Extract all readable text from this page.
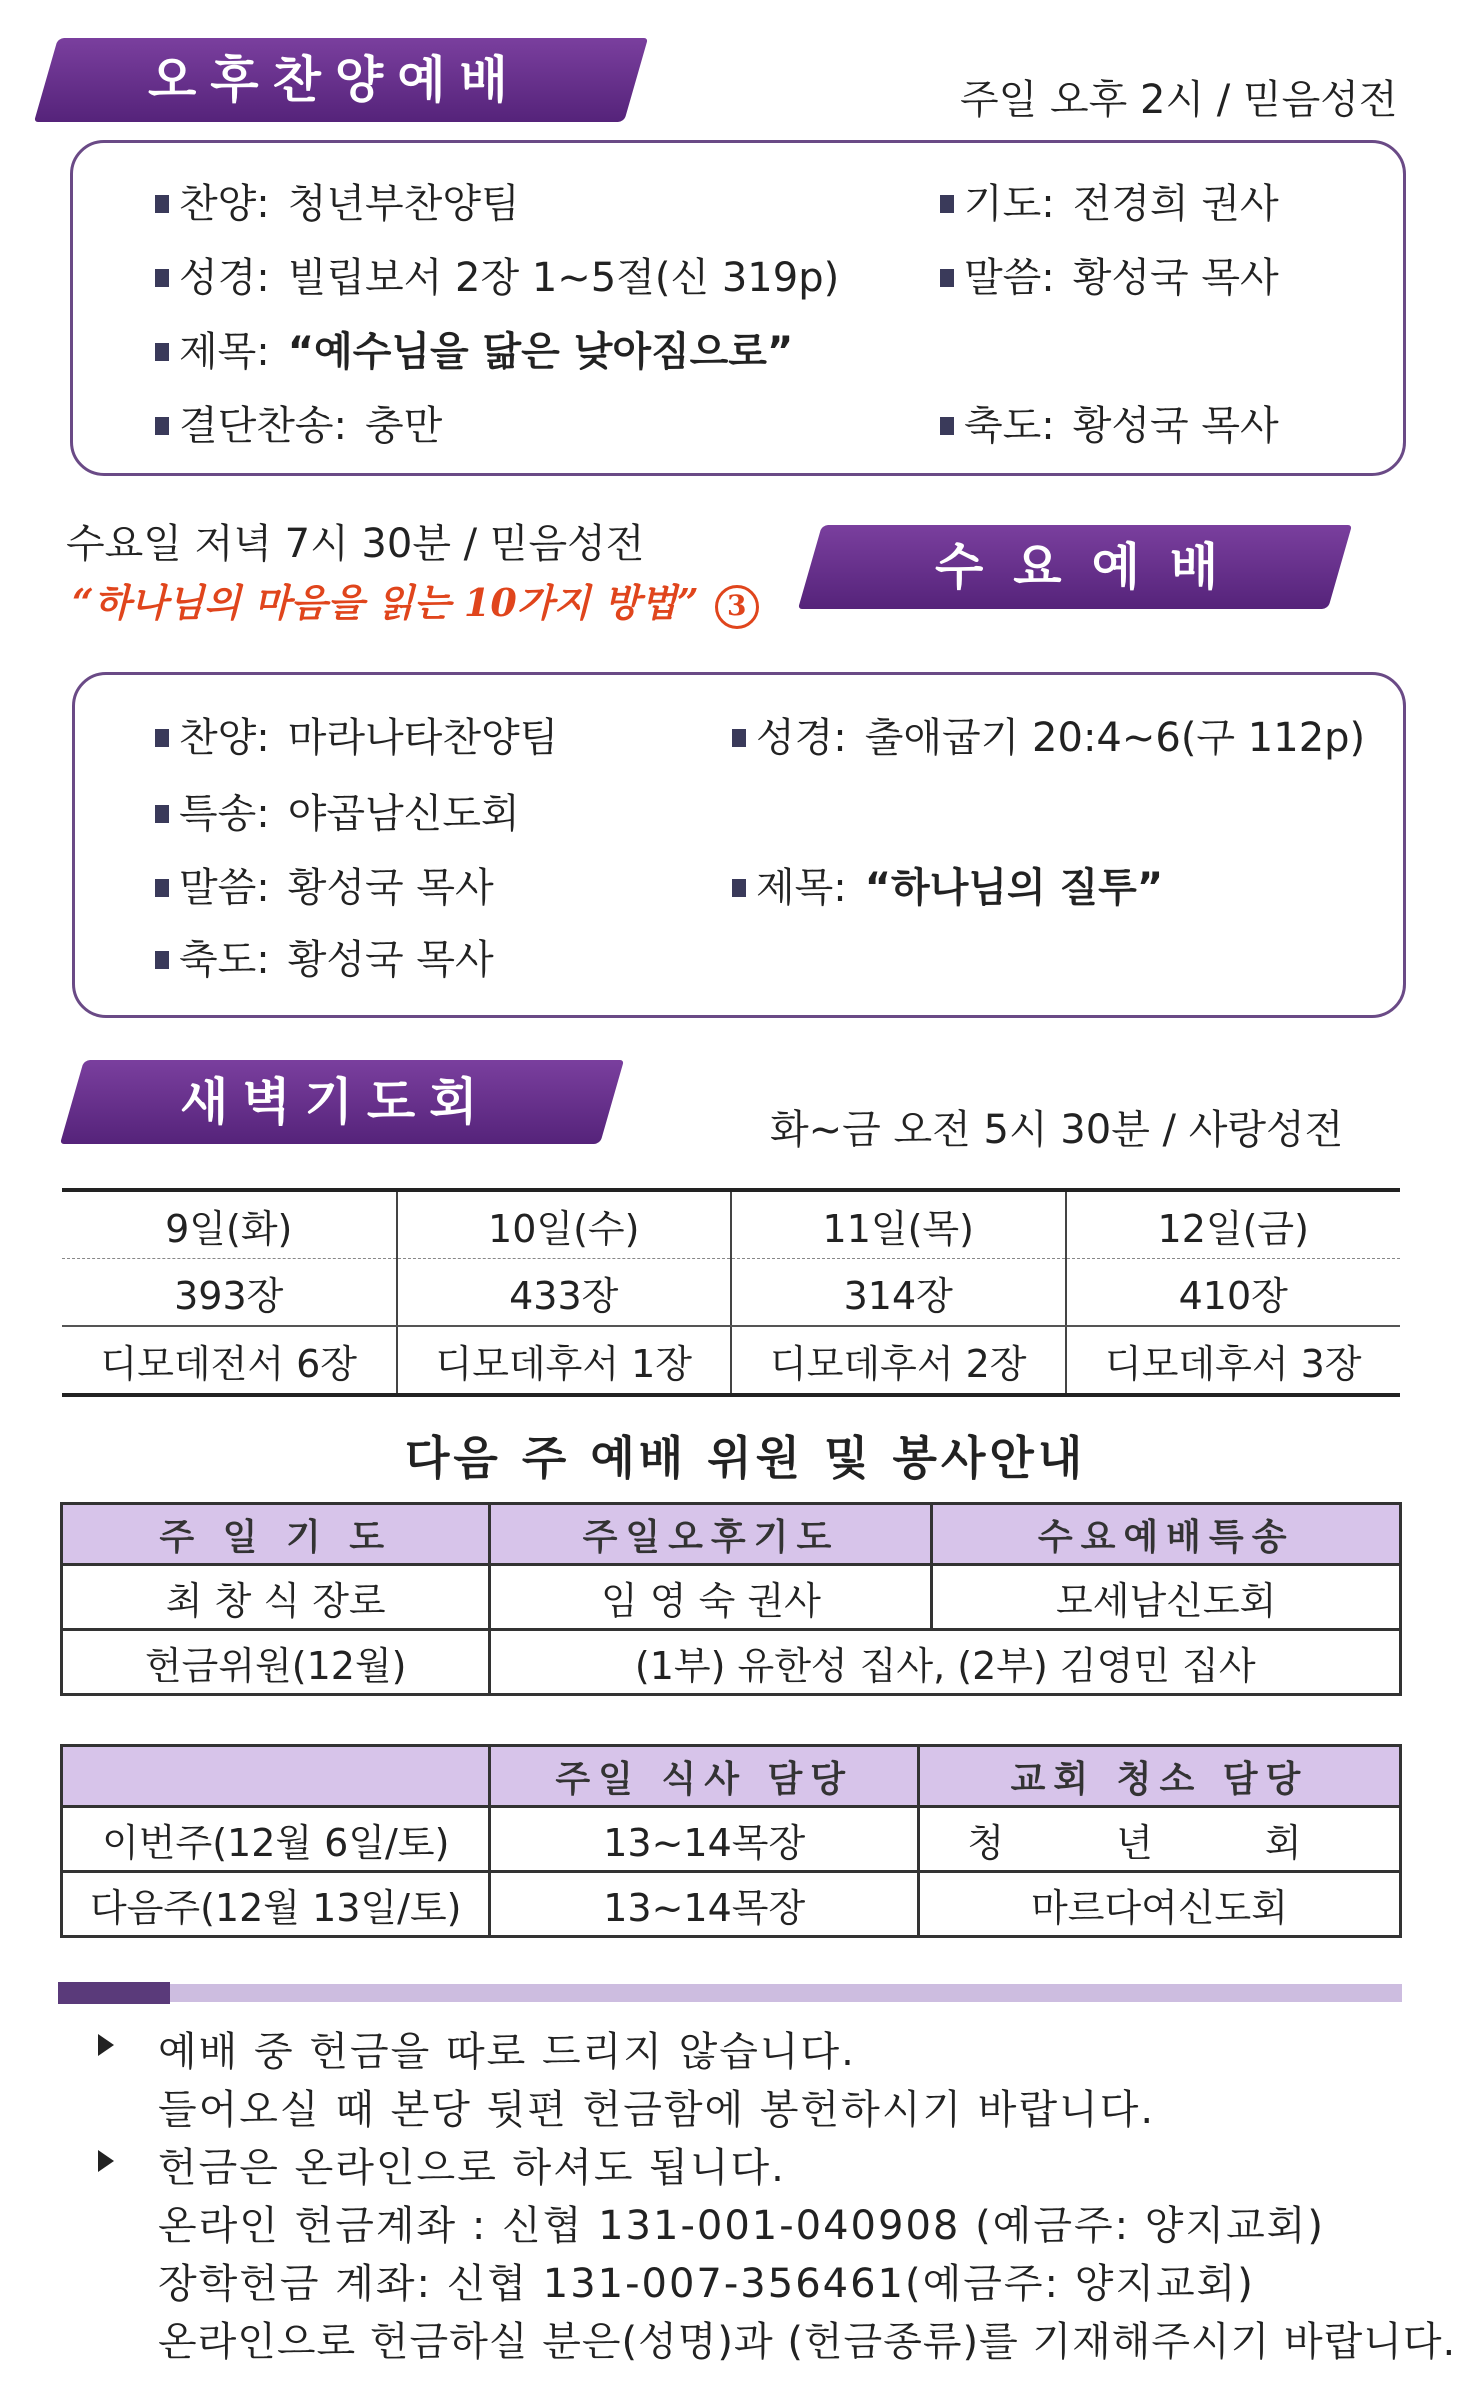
오후찬양예배	주일 오후 2시 / 믿음성전
찬양: 청년부찬양팀
성경: 빌립보서 2장 1~5절(신 319p)
제목: “예수님을 닮은 낮아짐으로”
결단찬송: 충만
기도: 전경희 권사
말씀: 황성국 목사
축도: 황성국 목사
수요일 저녁 7시 30분 / 믿음성전
“하나님의 마음을 읽는 10가지 방법” 3
수요예배
찬양: 마라나타찬양팀
특송: 야곱남신도회
말씀: 황성국 목사
축도: 황성국 목사
성경: 출애굽기 20:4~6(구 112p)
제목: “하나님의 질투”
새벽기도회	화~금 오전 5시 30분 / 사랑성전
9일(화)	10일(수)	11일(목)	12일(금)
393장	433장	314장	410장
디모데전서 6장	디모데후서 1장	디모데후서 2장	디모데후서 3장
다음 주 예배 위원 및 봉사안내
주 일 기 도	주일오후기도	수요예배특송
최 창 식 장로	임 영 숙 권사	모세남신도회
헌금위원(12월)	(1부) 유한성 집사, (2부) 김영민 집사	
	주일 식사 담당	교회 청소 담당
이번주(12월 6일/토)	13~14목장	청 년 회
다음주(12월 13일/토)	13~14목장	마르다여신도회
예배 중 헌금을 따로 드리지 않습니다.
들어오실 때 본당 뒷편 헌금함에 봉헌하시기 바랍니다.
헌금은 온라인으로 하셔도 됩니다.
온라인 헌금계좌 : 신협 131-001-040908 (예금주: 양지교회)
장학헌금 계좌: 신협 131-007-356461(예금주: 양지교회)
온라인으로 헌금하실 분은(성명)과 (헌금종류)를 기재해주시기 바랍니다.
